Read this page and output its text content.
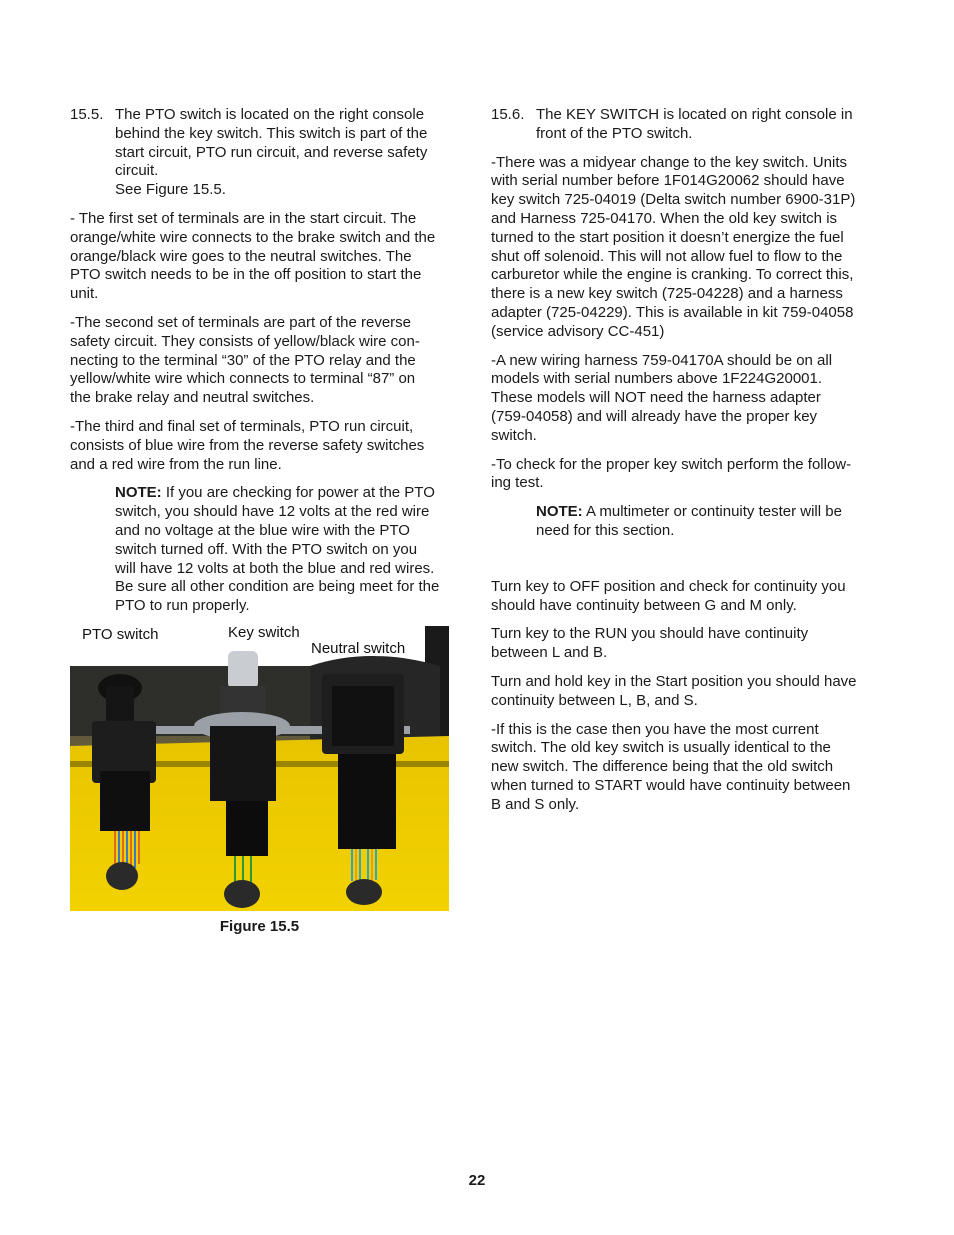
15.5. The PTO switch is located on the right console
behind the key switch. This switch is part of the
start circuit, PTO run circuit, and reverse safety
circuit.
See Figure 15.5.

- The first set of terminals are in the start circuit. The
orange/white wire connects to the brake switch and the
orange/black wire goes to the neutral switches. The
PTO switch needs to be in the off position to start the
unit.

-The second set of terminals are part of the reverse
safety circuit. They consists of yellow/black wire con-
necting to the terminal “30” of the PTO relay and the
yellow/white wire which connects to terminal “87” on
the brake relay and neutral switches.

-The third and final set of terminals, PTO run circuit,
consists of blue wire from the reverse safety switches
and a red wire from the run line.

NOTE: If you are checking for power at the PTO
switch, you should have 12 volts at the red wire
and no voltage at the blue wire with the PTO
switch turned off. With the PTO switch on you
will have 12 volts at both the blue and red wires.
Be sure all other condition are being meet for the
PTO to run properly.

PTO switch	Key switch
Neutral switch
Figure 15.5
15.6. The KEY SWITCH is located on right console in
front of the PTO switch.

-There was a midyear change to the key switch. Units
with serial number before 1F014G20062 should have
key switch 725-04019 (Delta switch number 6900-31P)
and Harness 725-04170. When the old key switch is
turned to the start position it doesn’t energize the fuel
shut off solenoid. This will not allow fuel to flow to the
carburetor while the engine is cranking. To correct this,
there is a new key switch (725-04228) and a harness
adapter (725-04229). This is available in kit 759-04058
(service advisory CC-451)

-A new wiring harness 759-04170A should be on all
models with serial numbers above 1F224G20001.
These models will NOT need the harness adapter
(759-04058) and will already have the proper key
switch.

-To check for the proper key switch perform the follow-
ing test.

NOTE: A multimeter or continuity tester will be
need for this section.

Turn key to OFF position and check for continuity you
should have continuity between G and M only.

Turn key to the RUN you should have continuity
between L and B.

Turn and hold key in the Start position you should have
continuity between L, B, and S.

-If this is the case then you have the most current
switch. The old key switch is usually identical to the
new switch. The difference being that the old switch
when turned to START would have continuity between
B and S only.

22
